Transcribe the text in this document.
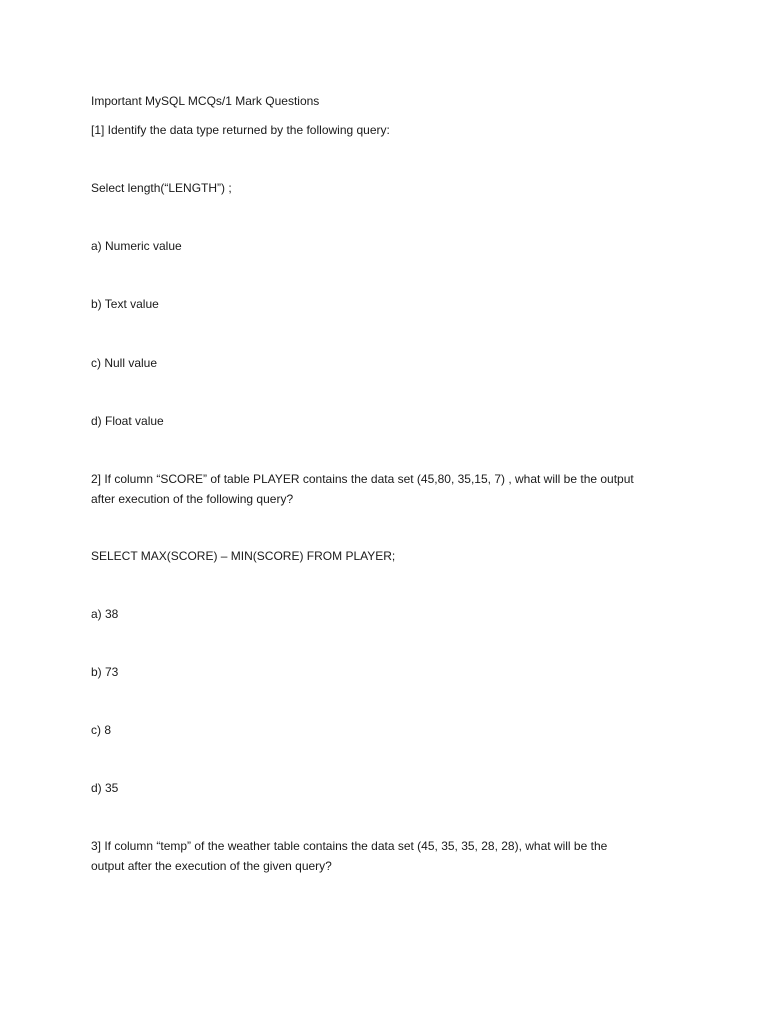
Important MySQL MCQs/1 Mark Questions
[1] Identify the data type returned by the following query:
Select length(“LENGTH”) ;
a) Numeric value
b) Text value
c) Null value
d) Float value
2] If column “SCORE” of table PLAYER contains the data set (45,80, 35,15, 7) , what will be the output
after execution of the following query?
SELECT MAX(SCORE) – MIN(SCORE) FROM PLAYER;
a) 38
b) 73
c) 8
d) 35
3] If column “temp” of the weather table contains the data set (45, 35, 35, 28, 28), what will be the
output after the execution of the given query?
